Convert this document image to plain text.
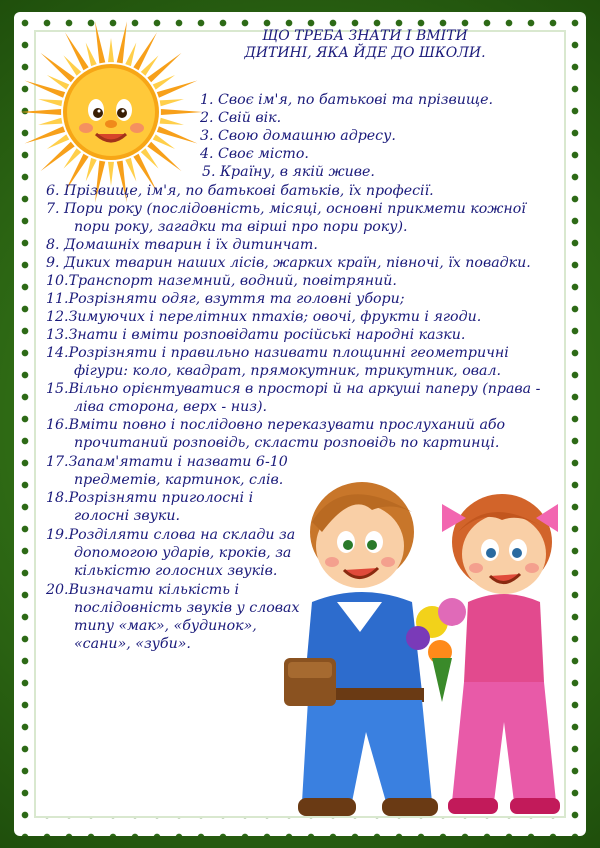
ЩО ТРЕБА ЗНАТИ І ВМІТИ
ДИТИНІ, ЯКА ЙДЕ ДО ШКОЛИ.
1. Своє ім'я, по батькові та прізвище.
2. Свій вік.
3. Свою домашню адресу.
4. Своє місто.
5. Країну, в якій живе.
6. Прізвище, ім'я, по батькові батьків, їх професії.
7. Пори року (послідовність, місяці, основні прикмети кожної
пори року, загадки та вірші про пори року).
8. Домашніх тварин і їх дитинчат.
9. Диких тварин наших лісів, жарких країн, півночі, їх повадки.
10.Транспорт наземний, водний, повітряний.
11.Розрізняти одяг, взуття та головні убори;
12.Зимуючих і перелітних птахів; овочі, фрукти і ягоди.
13.Знати і вміти розповідати російські народні казки.
14.Розрізняти і правильно називати площинні геометричні
фігури: коло, квадрат, прямокутник, трикутник, овал.
15.Вільно орієнтуватися в просторі й на аркуші паперу (права -
ліва сторона, верх - низ).
16.Вміти повно і послідовно переказувати прослуханий або
прочитаний розповідь, скласти розповідь по картинці.
17.Запам'ятати і назвати 6-10
предметів, картинок, слів.
18.Розрізняти приголосні і
голосні звуки.
19.Розділяти слова на склади за
допомогою ударів, кроків, за
кількістю голосних звуків.
20.Визначати кількість і
послідовність звуків у словах
типу «мак», «будинок»,
«сани», «зуби».
